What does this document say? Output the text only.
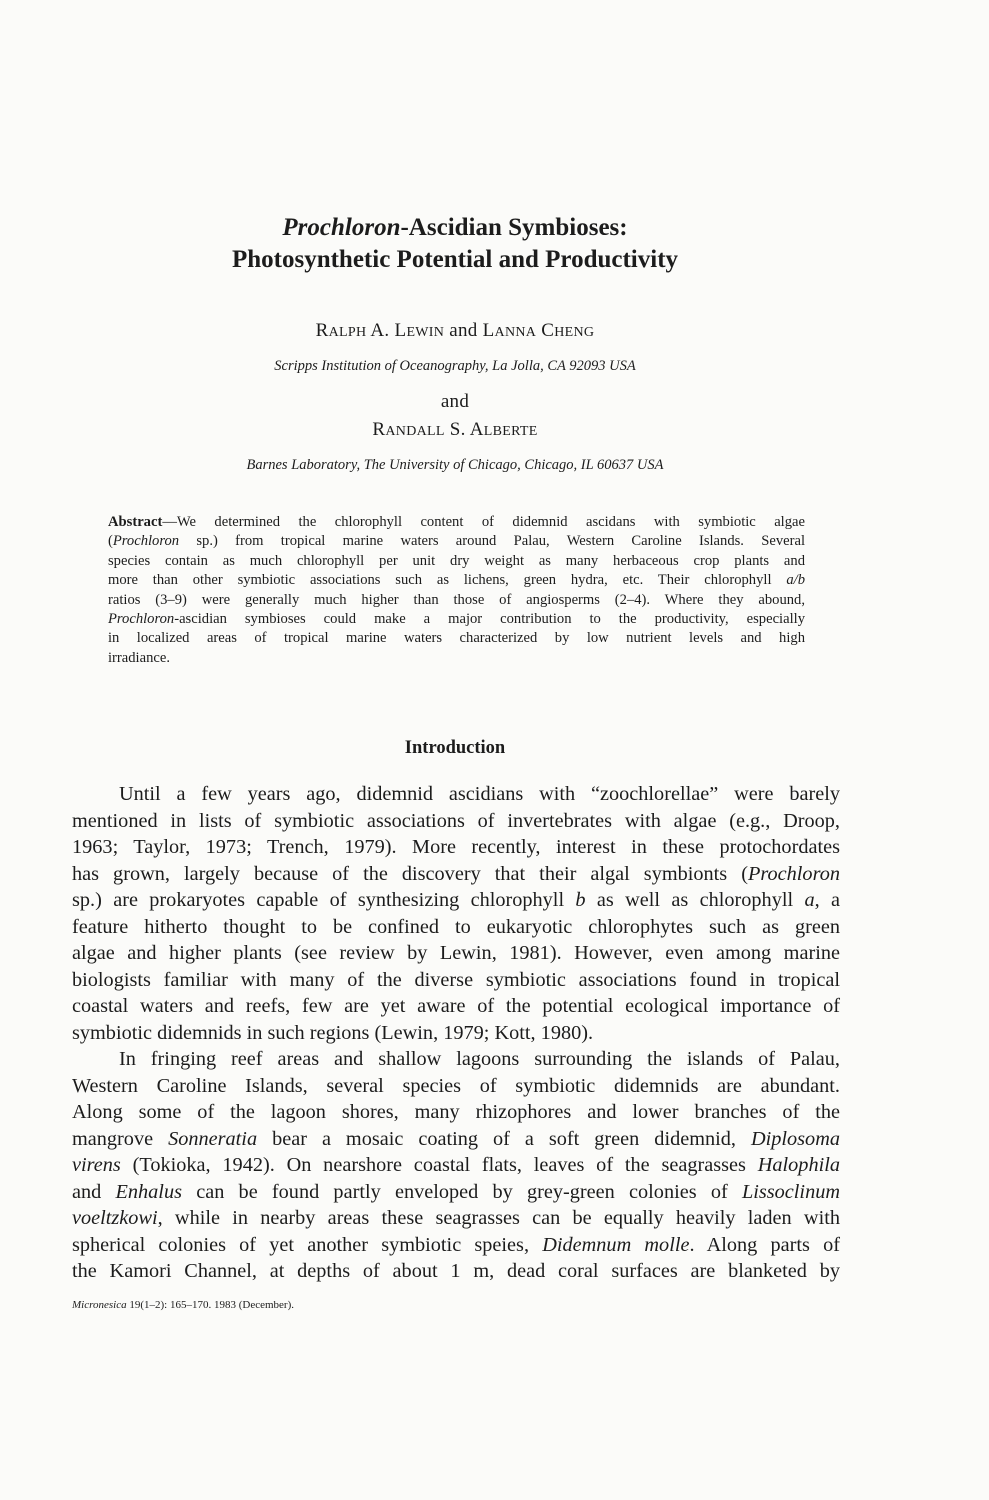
Prochloron-Ascidian Symbioses:
Photosynthetic Potential and Productivity
RALPH A. LEWIN and LANNA CHENG
Scripps Institution of Oceanography, La Jolla, CA 92093 USA
and
RANDALL S. ALBERTE
Barnes Laboratory, The University of Chicago, Chicago, IL 60637 USA
Abstract—We determined the chlorophyll content of didemnid ascidans with symbiotic algae
(Prochloron sp.) from tropical marine waters around Palau, Western Caroline Islands. Several
species contain as much chlorophyll per unit dry weight as many herbaceous crop plants and
more than other symbiotic associations such as lichens, green hydra, etc. Their chlorophyll a/b
ratios (3–9) were generally much higher than those of angiosperms (2–4). Where they abound,
Prochloron-ascidian symbioses could make a major contribution to the productivity, especially
in localized areas of tropical marine waters characterized by low nutrient levels and high
irradiance.
Introduction
Until a few years ago, didemnid ascidians with “zoochlorellae” were barely
mentioned in lists of symbiotic associations of invertebrates with algae (e.g., Droop,
1963; Taylor, 1973; Trench, 1979). More recently, interest in these protochordates
has grown, largely because of the discovery that their algal symbionts (Prochloron
sp.) are prokaryotes capable of synthesizing chlorophyll b as well as chlorophyll a, a
feature hitherto thought to be confined to eukaryotic chlorophytes such as green
algae and higher plants (see review by Lewin, 1981). However, even among marine
biologists familiar with many of the diverse symbiotic associations found in tropical
coastal waters and reefs, few are yet aware of the potential ecological importance of
symbiotic didemnids in such regions (Lewin, 1979; Kott, 1980).
In fringing reef areas and shallow lagoons surrounding the islands of Palau,
Western Caroline Islands, several species of symbiotic didemnids are abundant.
Along some of the lagoon shores, many rhizophores and lower branches of the
mangrove Sonneratia bear a mosaic coating of a soft green didemnid, Diplosoma
virens (Tokioka, 1942). On nearshore coastal flats, leaves of the seagrasses Halophila
and Enhalus can be found partly enveloped by grey-green colonies of Lissoclinum
voeltzkowi, while in nearby areas these seagrasses can be equally heavily laden with
spherical colonies of yet another symbiotic speies, Didemnum molle. Along parts of
the Kamori Channel, at depths of about 1 m, dead coral surfaces are blanketed by
Micronesica 19(1–2): 165–170. 1983 (December).
